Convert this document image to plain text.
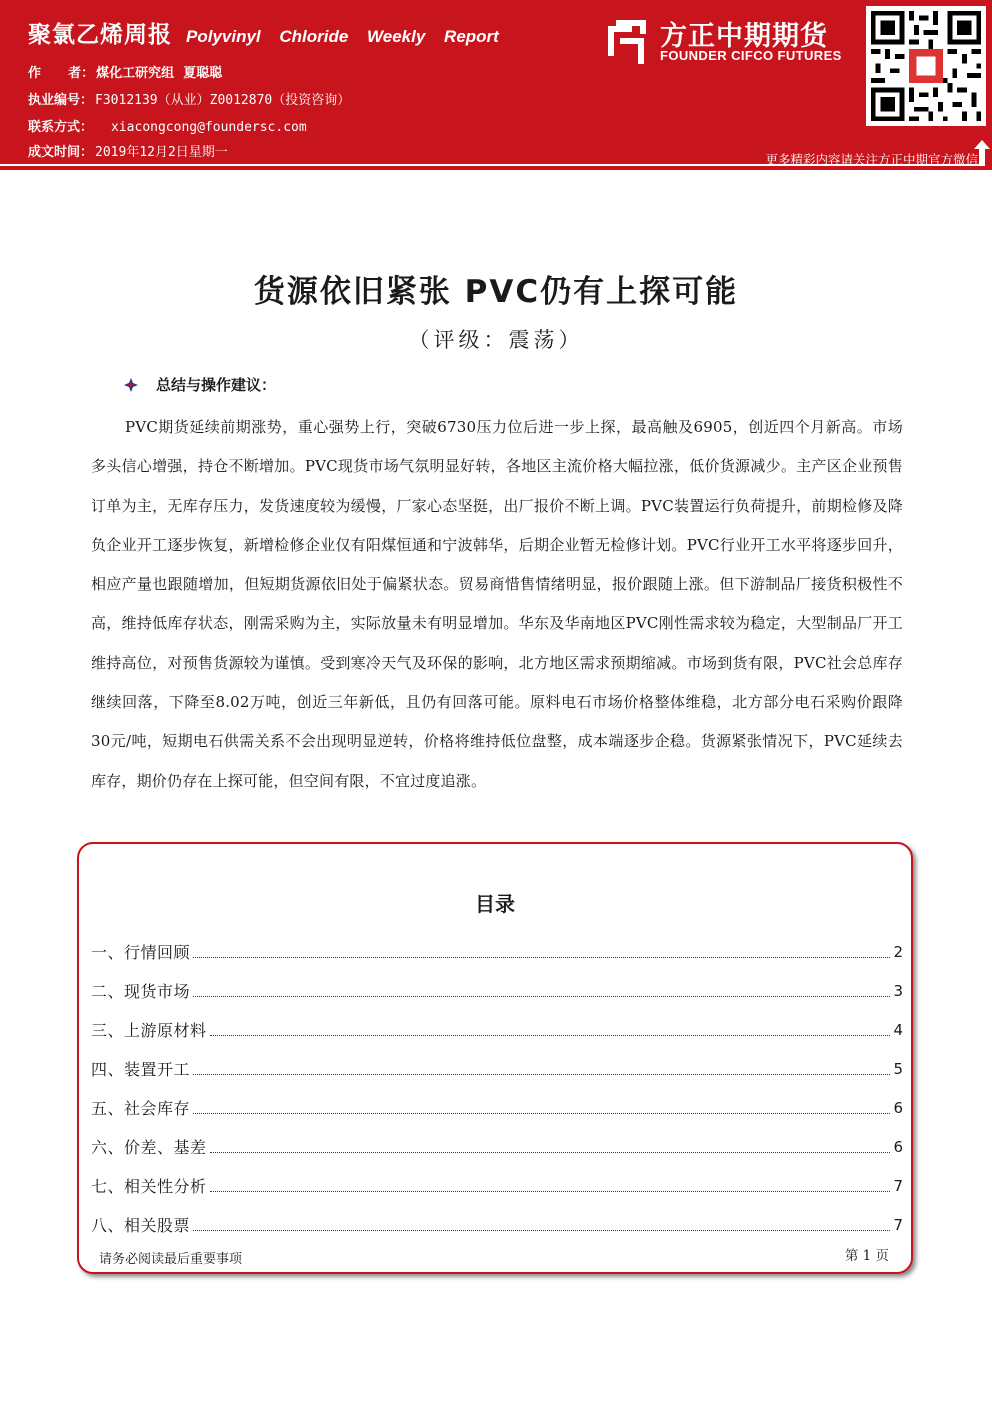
聚氯乙烯周报 Polyvinyl Chloride Weekly Report
作      者： 煤化工研究组  夏聪聪
执业编号： F3012139（从业）Z0012870（投资咨询）
联系方式： xiacongcong@foundersc.com
成文时间： 2019年12月2日星期一
方正中期期货
FOUNDER CIFCO FUTURES
更多精彩内容请关注方正中期官方微信
货源依旧紧张 PVC仍有上探可能
（评级：震荡）
总结与操作建议：
PVC期货延续前期涨势，重心强势上行，突破6730压力位后进一步上探，最高触及6905，创近四个月新高。市场多头信心增强，持仓不断增加。PVC现货市场气氛明显好转，各地区主流价格大幅拉涨，低价货源减少。主产区企业预售订单为主，无库存压力，发货速度较为缓慢，厂家心态坚挺，出厂报价不断上调。PVC装置运行负荷提升，前期检修及降负企业开工逐步恢复，新增检修企业仅有阳煤恒通和宁波韩华，后期企业暂无检修计划。PVC行业开工水平将逐步回升，相应产量也跟随增加，但短期货源依旧处于偏紧状态。贸易商惜售情绪明显，报价跟随上涨。但下游制品厂接货积极性不高，维持低库存状态，刚需采购为主，实际放量未有明显增加。华东及华南地区PVC刚性需求较为稳定，大型制品厂开工维持高位，对预售货源较为谨慎。受到寒冷天气及环保的影响，北方地区需求预期缩减。市场到货有限，PVC社会总库存继续回落，下降至8.02万吨，创近三年新低，且仍有回落可能。原料电石市场价格整体维稳，北方部分电石采购价跟降30元/吨，短期电石供需关系不会出现明显逆转，价格将维持低位盘整，成本端逐步企稳。货源紧张情况下，PVC延续去库存，期价仍存在上探可能，但空间有限，不宜过度追涨。
目录
一、行情回顾	2
二、现货市场	3
三、上游原材料	4
四、装置开工	5
五、社会库存	6
六、价差、基差	6
七、相关性分析	7
八、相关股票	7
请务必阅读最后重要事项	第 1 页
